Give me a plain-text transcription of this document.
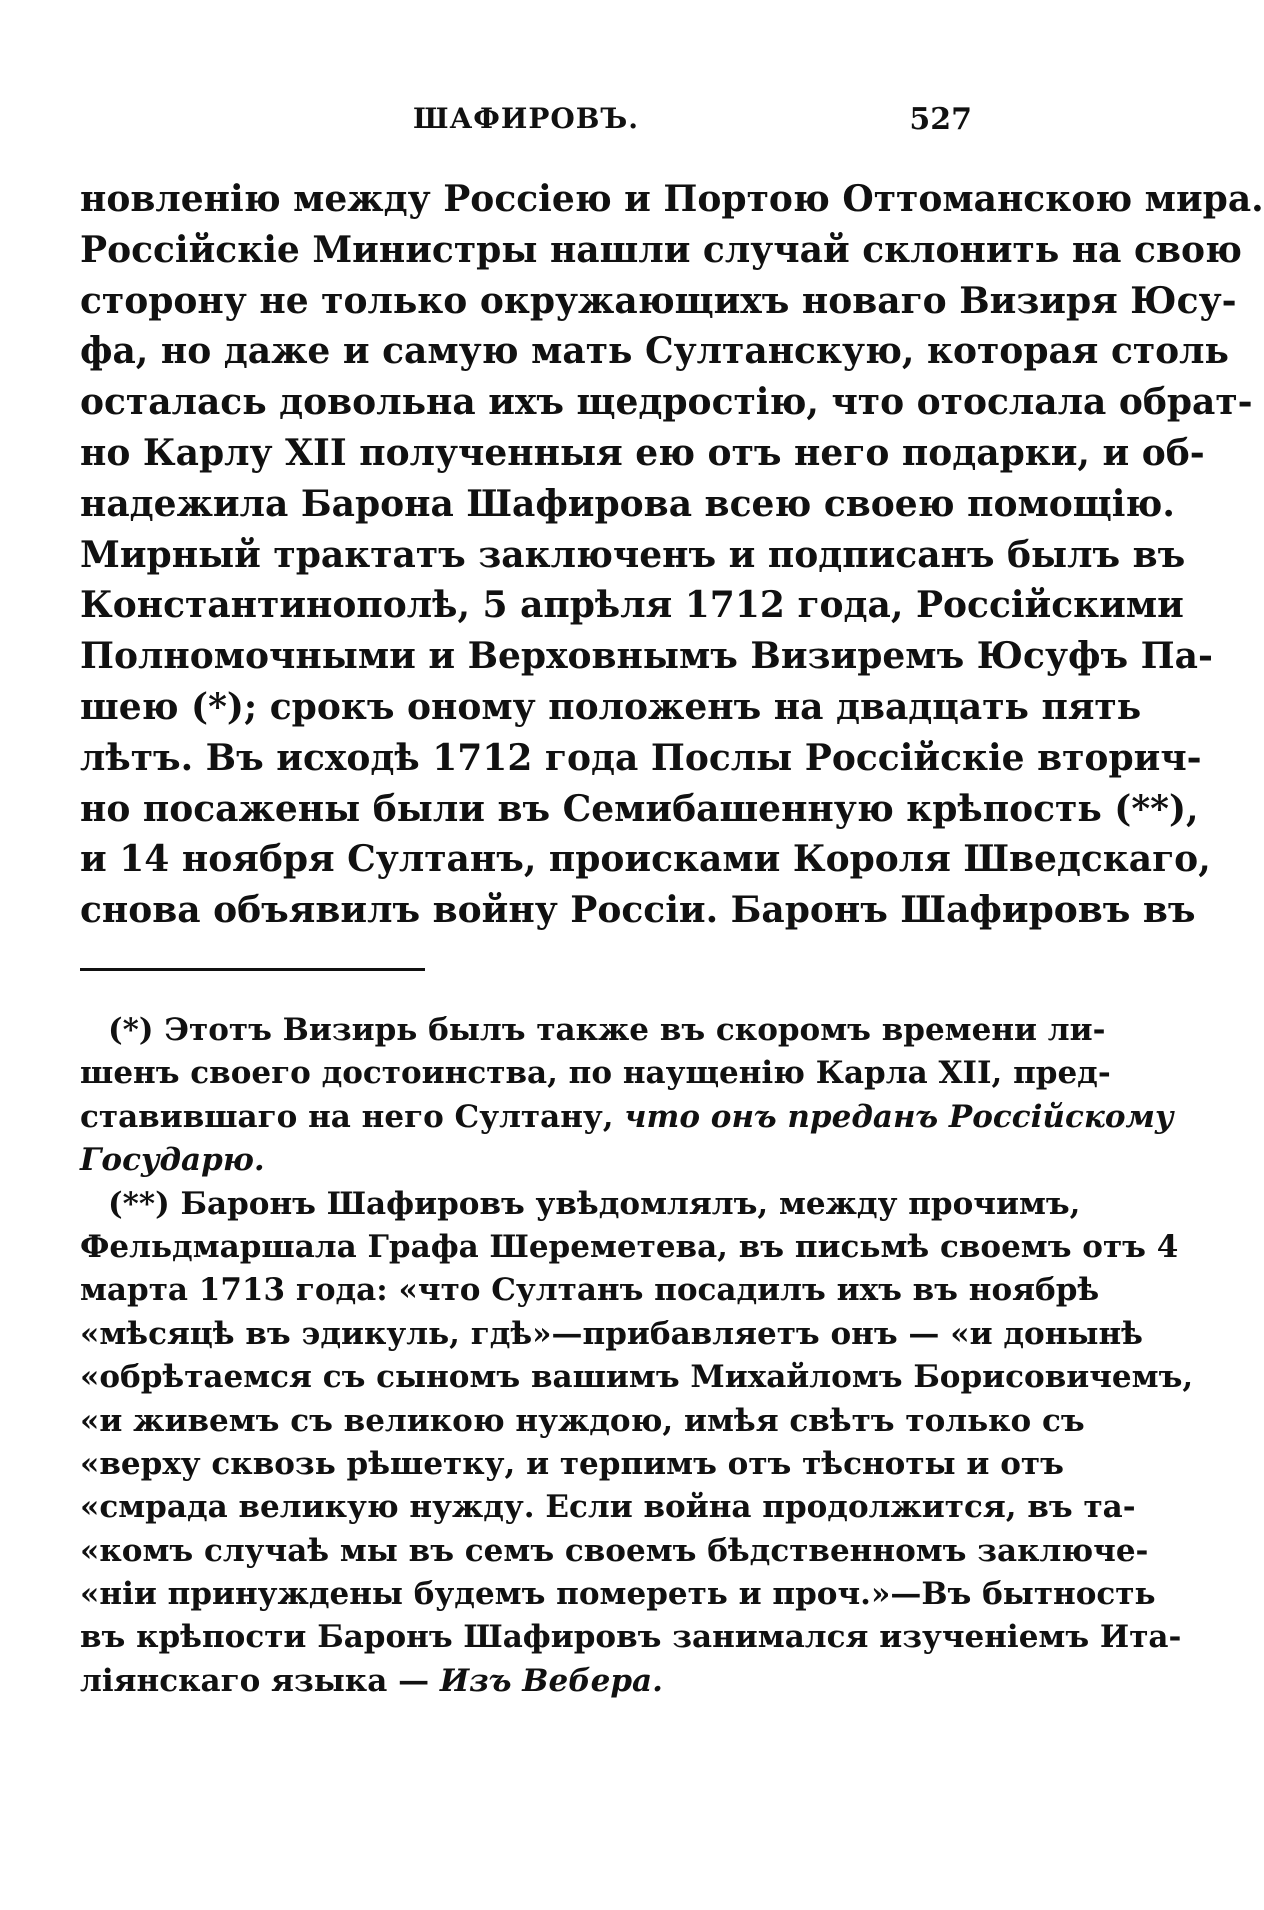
ШАФИРОВЪ.	527
новленію между Россіею и Портою Оттоманскою мира.
Россійскіе Министры нашли случай склонить на свою
сторону не только окружающихъ новаго Визиря Юсу-
фа, но даже и самую мать Султанскую, которая столь
осталась довольна ихъ щедростію, что отослала обрат-
но Карлу XII полученныя ею отъ него подарки, и об-
надежила Барона Шафирова всею своею помощію.
Мирный трактатъ заключенъ и подписанъ былъ въ
Константинополѣ, 5 апрѣля 1712 года, Россійскими
Полномочными и Верховнымъ Визиремъ Юсуфъ Па-
шею (*); срокъ оному положенъ на двадцать пять
лѣтъ. Въ исходѣ 1712 года Послы Россійскіе вторич-
но посажены были въ Семибашенную крѣпость (**),
и 14 ноября Султанъ, происками Короля Шведскаго,
снова объявилъ войну Россіи. Баронъ Шафировъ въ
(*) Этотъ Визирь былъ также въ скоромъ времени ли-
шенъ своего достоинства, по наущенію Карла XII, пред-
ставившаго на него Султану, что онъ преданъ Россійскому
Государю.
(**) Баронъ Шафировъ увѣдомлялъ, между прочимъ,
Фельдмаршала Графа Шереметева, въ письмѣ своемъ отъ 4
марта 1713 года: «что Султанъ посадилъ ихъ въ ноябрѣ
«мѣсяцѣ въ эдикуль, гдѣ»—прибавляетъ онъ — «и донынѣ
«обрѣтаемся съ сыномъ вашимъ Михайломъ Борисовичемъ,
«и живемъ съ великою нуждою, имѣя свѣтъ только съ
«верху сквозь рѣшетку, и терпимъ отъ тѣсноты и отъ
«смрада великую нужду. Если война продолжится, въ та-
«комъ случаѣ мы въ семъ своемъ бѣдственномъ заключе-
«ніи принуждены будемъ помереть и проч.»—Въ бытность
въ крѣпости Баронъ Шафировъ занимался изученіемъ Ита-
ліянскаго языка — Изъ Вебера.
